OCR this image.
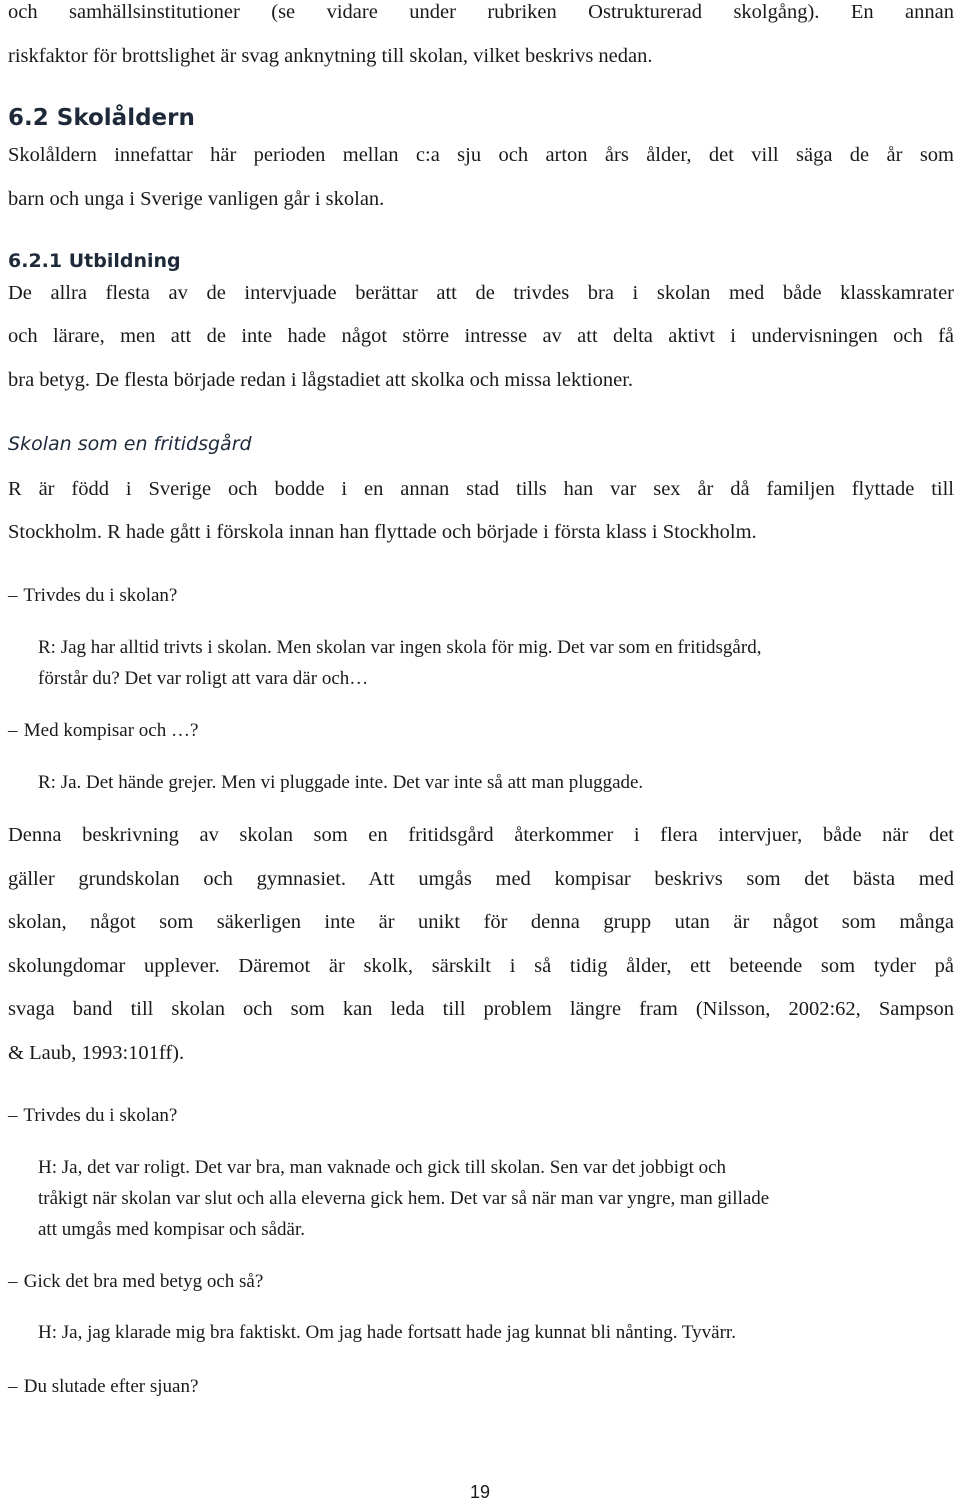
och samhällsinstitutioner (se vidare under rubriken Ostrukturerad skolgång). En annan
riskfaktor för brottslighet är svag anknytning till skolan, vilket beskrivs nedan.
6.2 Skolåldern
Skolåldern innefattar här perioden mellan c:a sju och arton års ålder, det vill säga de år som
barn och unga i Sverige vanligen går i skolan.
6.2.1 Utbildning
De allra flesta av de intervjuade berättar att de trivdes bra i skolan med både klasskamrater
och lärare, men att de inte hade något större intresse av att delta aktivt i undervisningen och få
bra betyg. De flesta började redan i lågstadiet att skolka och missa lektioner.
Skolan som en fritidsgård
R är född i Sverige och bodde i en annan stad tills han var sex år då familjen flyttade till
Stockholm. R hade gått i förskola innan han flyttade och började i första klass i Stockholm.
– Trivdes du i skolan?
R: Jag har alltid trivts i skolan. Men skolan var ingen skola för mig. Det var som en fritidsgård,
förstår du? Det var roligt att vara där och…
– Med kompisar och …?
R: Ja. Det hände grejer. Men vi pluggade inte. Det var inte så att man pluggade.
Denna beskrivning av skolan som en fritidsgård återkommer i flera intervjuer, både när det
gäller grundskolan och gymnasiet. Att umgås med kompisar beskrivs som det bästa med
skolan, något som säkerligen inte är unikt för denna grupp utan är något som många
skolungdomar upplever. Däremot är skolk, särskilt i så tidig ålder, ett beteende som tyder på
svaga band till skolan och som kan leda till problem längre fram (Nilsson, 2002:62, Sampson
& Laub, 1993:101ff).
– Trivdes du i skolan?
H: Ja, det var roligt. Det var bra, man vaknade och gick till skolan. Sen var det jobbigt och
tråkigt när skolan var slut och alla eleverna gick hem. Det var så när man var yngre, man gillade
att umgås med kompisar och sådär.
– Gick det bra med betyg och så?
H: Ja, jag klarade mig bra faktiskt. Om jag hade fortsatt hade jag kunnat bli nånting. Tyvärr.
– Du slutade efter sjuan?
19
